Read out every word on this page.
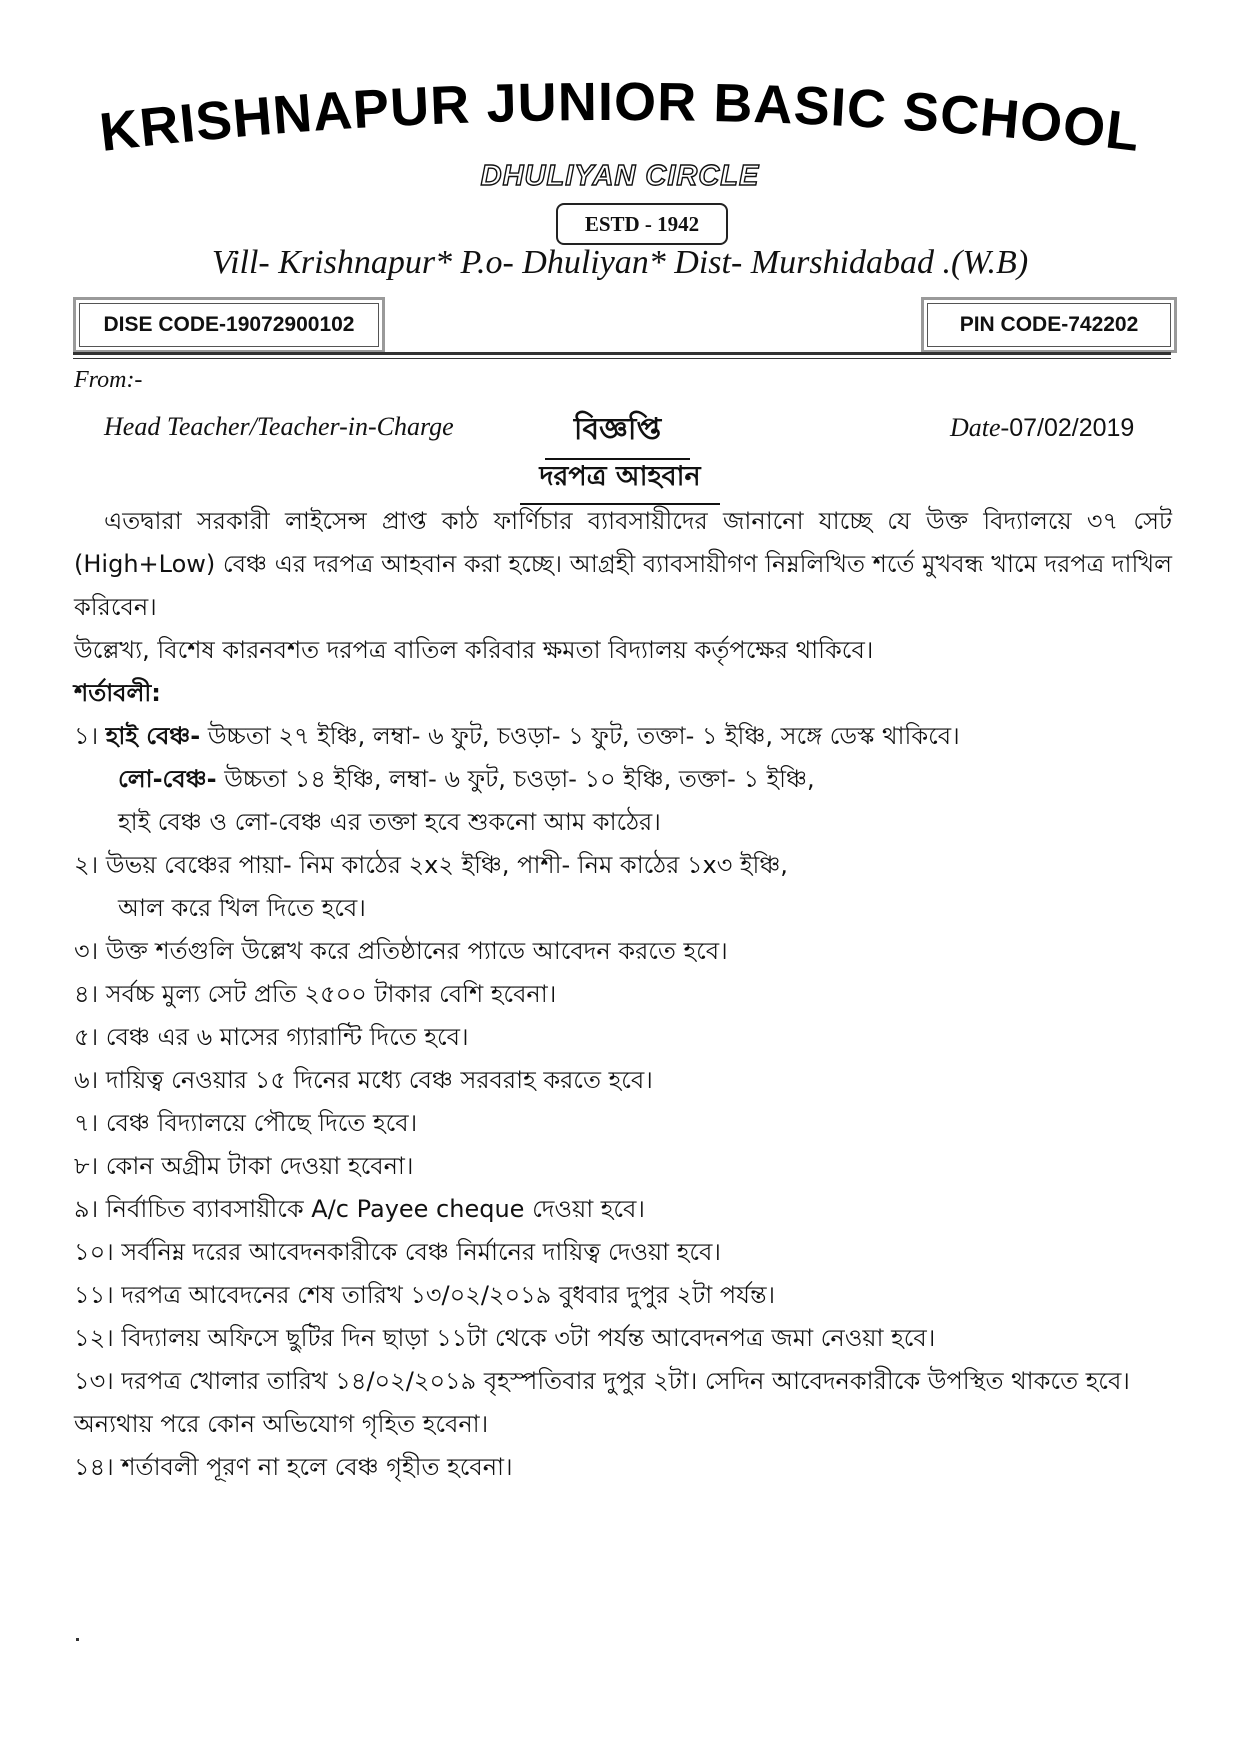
KRISHNAPUR JUNIOR BASIC SCHOOL
DHULIYAN CIRCLE
ESTD - 1942
Vill- Krishnapur* P.o- Dhuliyan* Dist- Murshidabad .(W.B)
DISE CODE-19072900102	PIN CODE-742202
From:-
Head Teacher/Teacher-in-Charge	বিজ্ঞপ্তি	Date-07/02/2019
দরপত্র আহবান

এতদ্বারা সরকারী লাইসেন্স প্রাপ্ত কাঠ ফার্ণিচার ব্যাবসায়ীদের জানানো যাচ্ছে যে উক্ত বিদ্যালয়ে ৩৭ সেট (High+Low) বেঞ্চ এর দরপত্র আহবান করা হচ্ছে। আগ্রহী ব্যাবসায়ীগণ নিম্নলিখিত শর্তে মুখবন্ধ খামে দরপত্র দাখিল করিবেন।

উল্লেখ্য, বিশেষ কারনবশত দরপত্র বাতিল করিবার ক্ষমতা বিদ্যালয় কর্তৃপক্ষের থাকিবে।

শর্তাবলী:

১। হাই বেঞ্চ- উচ্চতা ২৭ ইঞ্চি, লম্বা- ৬ ফুট, চওড়া- ১ ফুট, তক্তা- ১ ইঞ্চি, সঙ্গে ডেস্ক থাকিবে।

লো-বেঞ্চ- উচ্চতা ১৪ ইঞ্চি, লম্বা- ৬ ফুট, চওড়া- ১০ ইঞ্চি, তক্তা- ১ ইঞ্চি,

হাই বেঞ্চ ও লো-বেঞ্চ এর তক্তা হবে শুকনো আম কাঠের।

২। উভয় বেঞ্চের পায়া- নিম কাঠের ২x২ ইঞ্চি, পাশী- নিম কাঠের ১x৩ ইঞ্চি,

আল করে খিল দিতে হবে।

৩। উক্ত শর্তগুলি উল্লেখ করে প্রতিষ্ঠানের প্যাডে আবেদন করতে হবে।

৪। সর্বচ্চ মুল্য সেট প্রতি ২৫০০ টাকার বেশি হবেনা।

৫। বেঞ্চ এর ৬ মাসের গ্যারান্টি দিতে হবে।

৬। দায়িত্ব নেওয়ার ১৫ দিনের মধ্যে বেঞ্চ সরবরাহ করতে হবে।

৭। বেঞ্চ বিদ্যালয়ে পৌছে দিতে হবে।

৮। কোন অগ্রীম টাকা দেওয়া হবেনা।

৯। নির্বাচিত ব্যাবসায়ীকে A/c Payee cheque দেওয়া হবে।

১০। সর্বনিম্ন দরের আবেদনকারীকে বেঞ্চ নির্মানের দায়িত্ব দেওয়া হবে।

১১। দরপত্র আবেদনের শেষ তারিখ ১৩/০২/২০১৯ বুধবার দুপুর ২টা পর্যন্ত।

১২। বিদ্যালয় অফিসে ছুটির দিন ছাড়া ১১টা থেকে ৩টা পর্যন্ত আবেদনপত্র জমা নেওয়া হবে।

১৩। দরপত্র খোলার তারিখ ১৪/০২/২০১৯ বৃহস্পতিবার দুপুর ২টা। সেদিন আবেদনকারীকে উপস্থিত থাকতে হবে। অন্যথায় পরে কোন অভিযোগ গৃহিত হবেনা।

১৪। শর্তাবলী পূরণ না হলে বেঞ্চ গৃহীত হবেনা।
